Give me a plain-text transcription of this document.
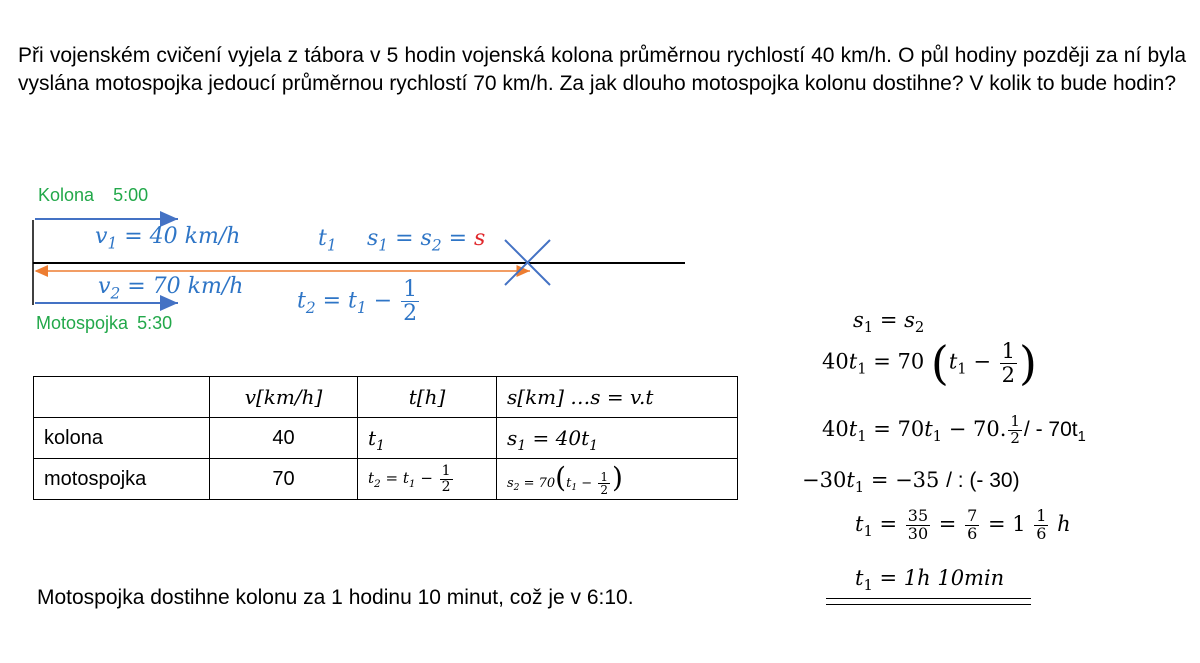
Při vojenském cvičení vyjela z tábora v 5 hodin vojenská kolona průměrnou rychlostí 40 km/h. O půl hodiny později za ní byla vyslána motospojka jedoucí průměrnou rychlostí 70 km/h. Za jak dlouho motospojka kolonu dostihne? V kolik to bude hodin?
Kolona 5:00
$v_1 = 40$ km/h	$t_1$ $s_1 = s_2 = s$
$v_2 = 70$ km/h
$t_2 = t_1 - \frac{1}{2}$
Motospojka 5:30
	v[km/h]	t[h]	s[km] …s = v.t
kolona	40	$t_1$	$s_1 = 40t_1$
motospojka	70	$t_2 = t_1 - \frac{1}{2}$	$s_2 = 70(t_1 - \frac{1}{2}$ )
$s_1 = s_2$
$40t_1 = 70$ ($t_1 - \frac{1}{2}$ )
$40t_1 = 70t_1 - 70$. $\frac{1}{2}$ / - $70t_1$
$-30t_1 = -35$ / : (- 30)
$t_1 = \frac{35}{30} = \frac{7}{6} = 1 \frac{1}{6}$ h
$t_1 = 1h$ 10min
Motospojka dostihne kolonu za 1 hodinu 10 minut, což je v 6:10.
